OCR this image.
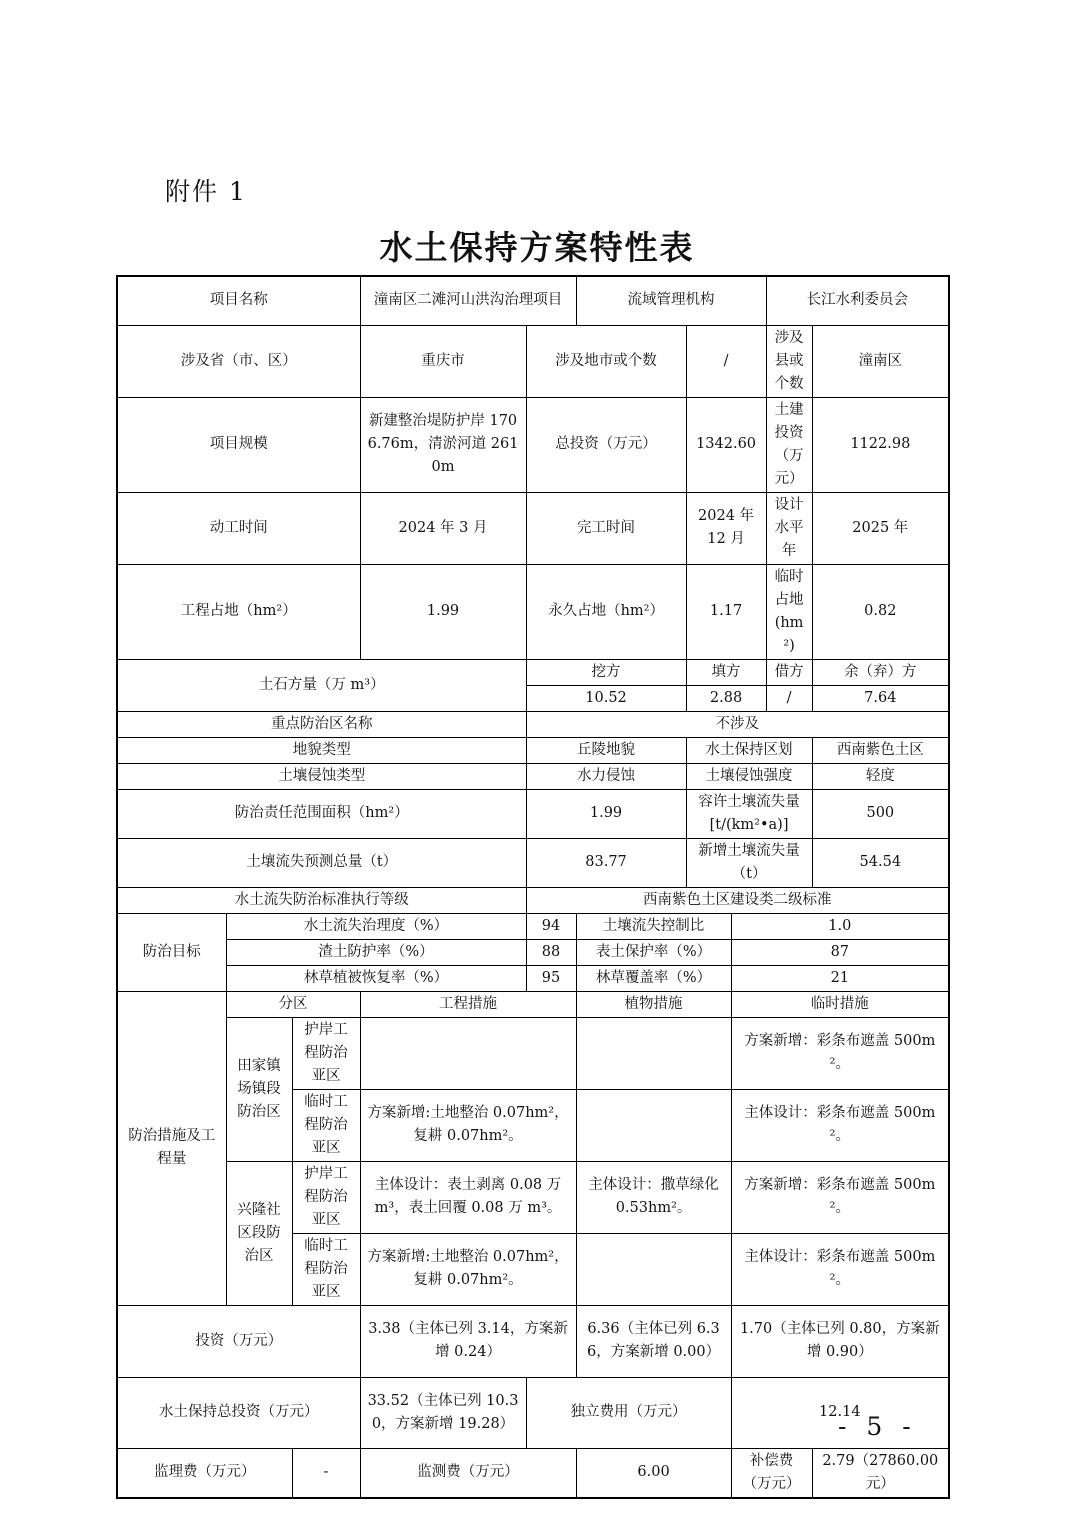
附件 1
水土保持方案特性表
项目名称			潼南区二滩河山洪沟治理项目		流域管理机构			长江水利委员会	
涉及省（市、区）			重庆市	涉及地市或个数		/		涉及县或个数	潼南区
项目规模			新建整治堤防护岸 1706.76m，清淤河道 2610m	总投资（万元）		1342.60		土建投资（万元）	1122.98
动工时间			2024 年 3 月	完工时间		2024 年 12 月		设计水平年	2025 年
工程占地（hm²）			1.99	永久占地（hm²）		1.17		临时占地(hm²)	0.82
土石方量（万 m³）				挖方		填方		借方	余（弃）方
				10.52		2.88		/	7.64
重点防治区名称				不涉及					
地貌类型				丘陵地貌		水土保持区划			西南紫色土区
土壤侵蚀类型				水力侵蚀		土壤侵蚀强度			轻度
防治责任范围面积（hm²）				1.99		容许土壤流失量 [t/(km²•a)]			500
土壤流失预测总量（t）				83.77		新增土壤流失量（t）			54.54
水土流失防治标准执行等级				西南紫色土区建设类二级标准					
防治目标	水土流失治理度（%）			94	土壤流失控制比		1.0		
	渣土防护率（%）			88	表土保护率（%）		87		
	林草植被恢复率（%）			95	林草覆盖率（%）		21		
防治措施及工程量	分区		工程措施		植物措施		临时措施		
	田家镇场镇段防治区	护岸工程防治亚区					方案新增：彩条布遮盖 500m²。		
		临时工程防治亚区	方案新增:土地整治 0.07hm²，复耕 0.07hm²。				主体设计：彩条布遮盖 500m²。		
	兴隆社区段防治区	护岸工程防治亚区	主体设计：表土剥离 0.08 万 m³，表土回覆 0.08 万 m³。		主体设计：撒草绿化 0.53hm²。		方案新增：彩条布遮盖 500m²。		
		临时工程防治亚区	方案新增:土地整治 0.07hm²，复耕 0.07hm²。				主体设计：彩条布遮盖 500m²。		
投资（万元）			3.38（主体已列 3.14，方案新增 0.24）		6.36（主体已列 6.36，方案新增 0.00）		1.70（主体已列 0.80，方案新增 0.90）		
水土保持总投资（万元）			33.52（主体已列 10.30，方案新增 19.28）	独立费用（万元）			12.14		
监理费（万元）		-	监测费（万元）		6.00		补偿费（万元）		2.79（27860.00 元）
- 5 -
